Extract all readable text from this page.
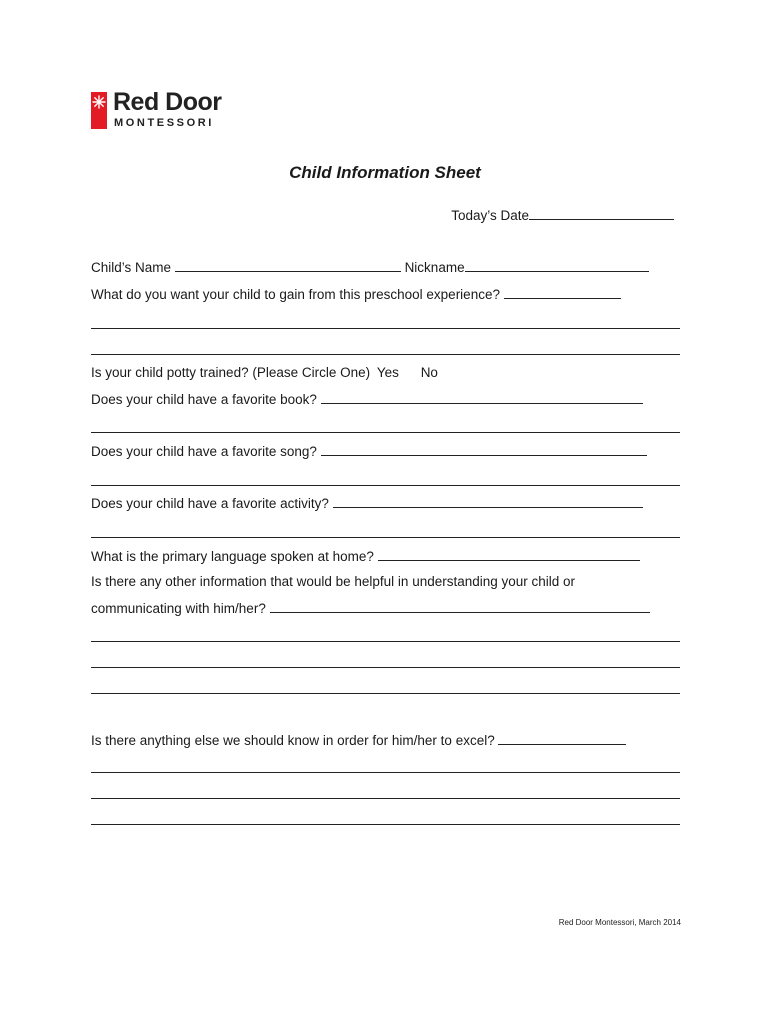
Red Door
MONTESSORI
Child Information Sheet
Today’s Date
Child’s Name	Nickname
What do you want your child to gain from this preschool experience?
Is your child potty trained? (Please Circle One) Yes No
Does your child have a favorite book?
Does your child have a favorite song?
Does your child have a favorite activity?
What is the primary language spoken at home?
Is there any other information that would be helpful in understanding your child or
communicating with him/her?
Is there anything else we should know in order for him/her to excel?
Red Door Montessori, March 2014
